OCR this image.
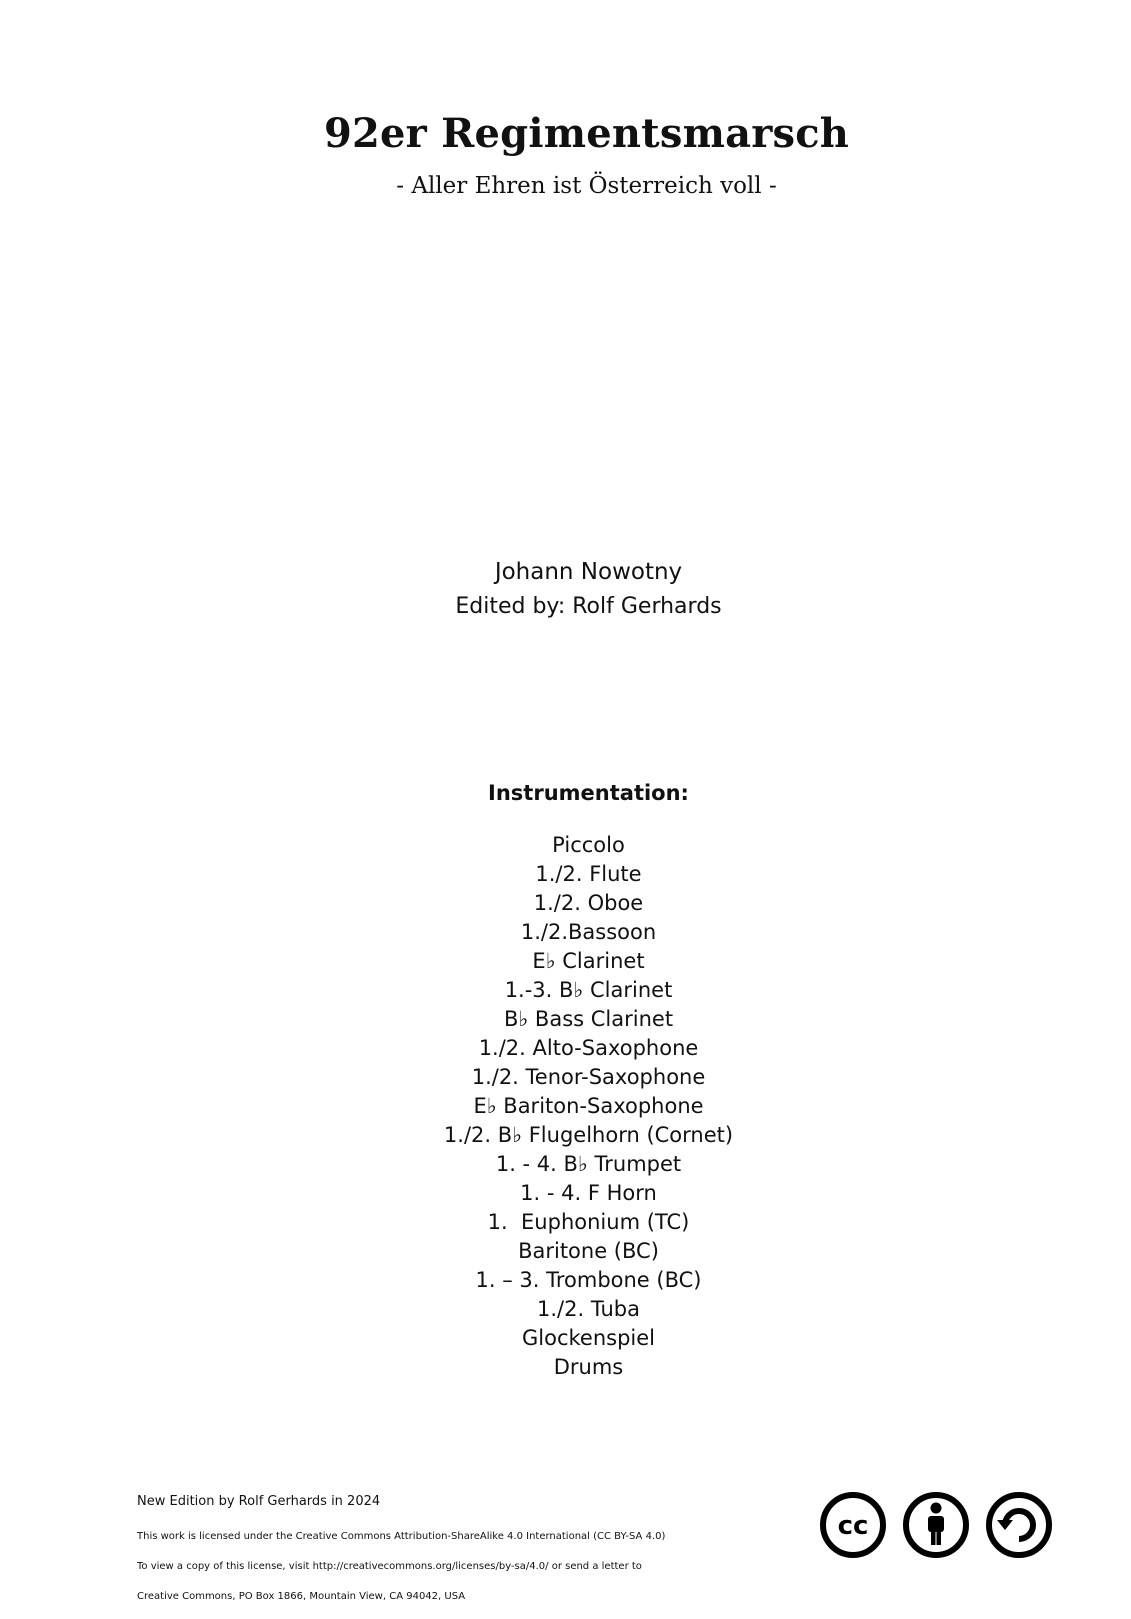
92er Regimentsmarsch
- Aller Ehren ist Österreich voll -
Johann Nowotny
Edited by: Rolf Gerhards
Instrumentation:
Piccolo
1./2. Flute
1./2. Oboe
1./2.Bassoon
E♭ Clarinet
1.-3. B♭ Clarinet
B♭ Bass Clarinet
1./2. Alto-Saxophone
1./2. Tenor-Saxophone
E♭ Bariton-Saxophone
1./2. B♭ Flugelhorn (Cornet)
1. - 4. B♭ Trumpet
1. - 4. F Horn
1.  Euphonium (TC)
Baritone (BC)
1. – 3. Trombone (BC)
1./2. Tuba
Glockenspiel
Drums
New Edition by Rolf Gerhards in 2024

This work is licensed under the Creative Commons Attribution-ShareAlike 4.0 International (CC BY-SA 4.0)

To view a copy of this license, visit http://creativecommons.org/licenses/by-sa/4.0/ or send a letter to

Creative Commons, PO Box 1866, Mountain View, CA 94042, USA

cc
